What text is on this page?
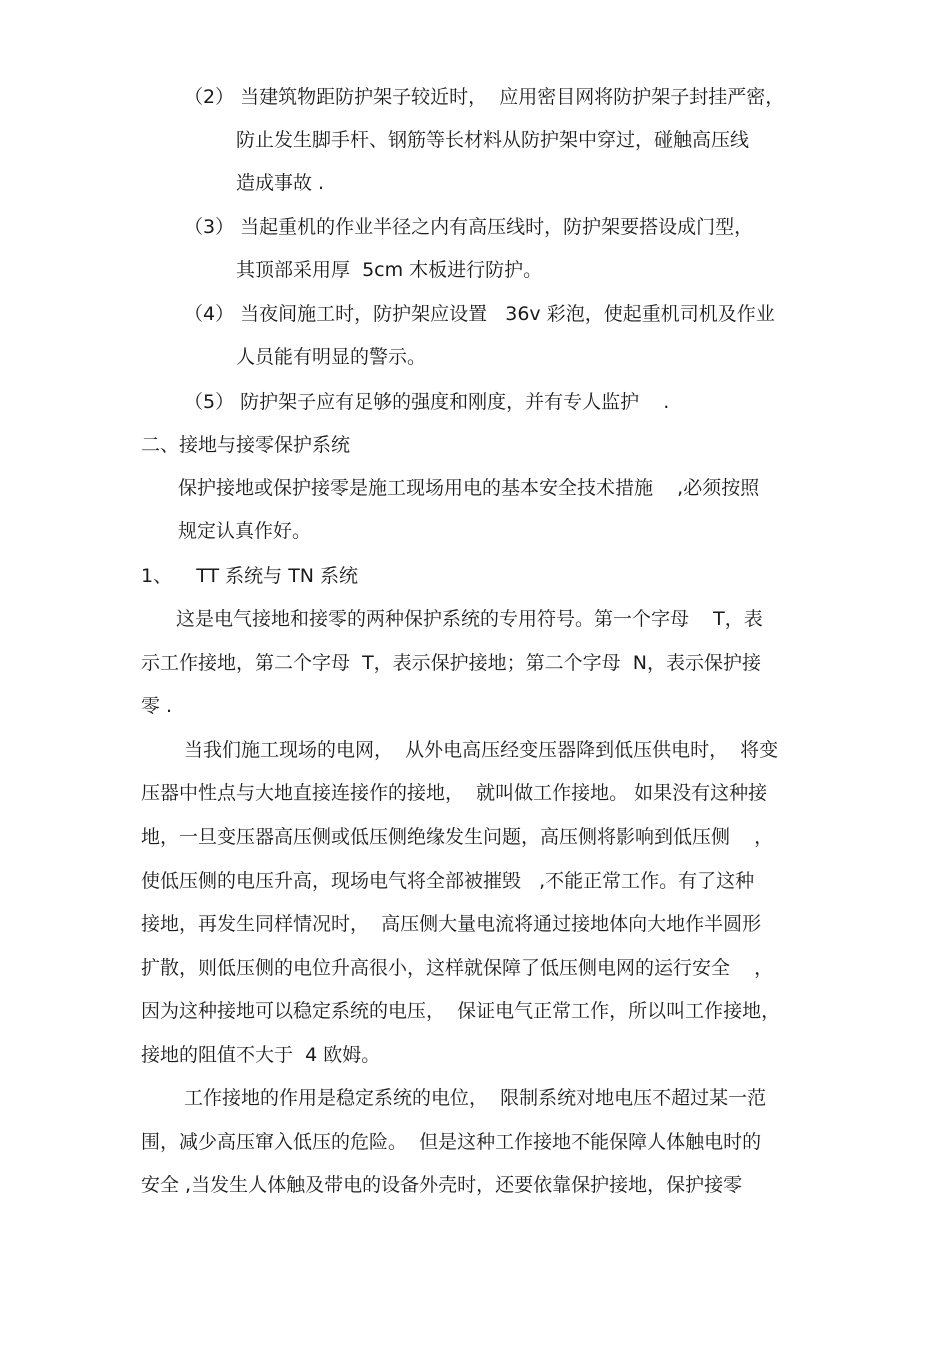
（2） 当建筑物距防护架子较近时，  应用密目网将防护架子封挂严密，

防止发生脚手杆、钢筋等长材料从防护架中穿过，碰触高压线

造成事故 .

（3） 当起重机的作业半径之内有高压线时，防护架要搭设成门型，

其顶部采用厚  5cm 木板进行防护。

（4） 当夜间施工时，防护架应设置   36v 彩泡，使起重机司机及作业

人员能有明显的警示。

（5） 防护架子应有足够的强度和刚度，并有专人监护    .

二、接地与接零保护系统

保护接地或保护接零是施工现场用电的基本安全技术措施    ,必须按照

规定认真作好。

1、    TT 系统与 TN 系统

这是电气接地和接零的两种保护系统的专用符号。第一个字母    T，表

示工作接地，第二个字母  T，表示保护接地；第二个字母  N，表示保护接

零 .

当我们施工现场的电网，  从外电高压经变压器降到低压供电时，  将变

压器中性点与大地直接连接作的接地，  就叫做工作接地。 如果没有这种接

地，一旦变压器高压侧或低压侧绝缘发生问题，高压侧将影响到低压侧    ，

使低压侧的电压升高，现场电气将全部被摧毁   ,不能正常工作。有了这种

接地，再发生同样情况时，  高压侧大量电流将通过接地体向大地作半圆形

扩散，则低压侧的电位升高很小，这样就保障了低压侧电网的运行安全    ，

因为这种接地可以稳定系统的电压，  保证电气正常工作，所以叫工作接地，

接地的阻值不大于  4 欧姆。

工作接地的作用是稳定系统的电位，  限制系统对地电压不超过某一范

围，减少高压窜入低压的危险。  但是这种工作接地不能保障人体触电时的

安全 ,当发生人体触及带电的设备外壳时，还要依靠保护接地，保护接零
